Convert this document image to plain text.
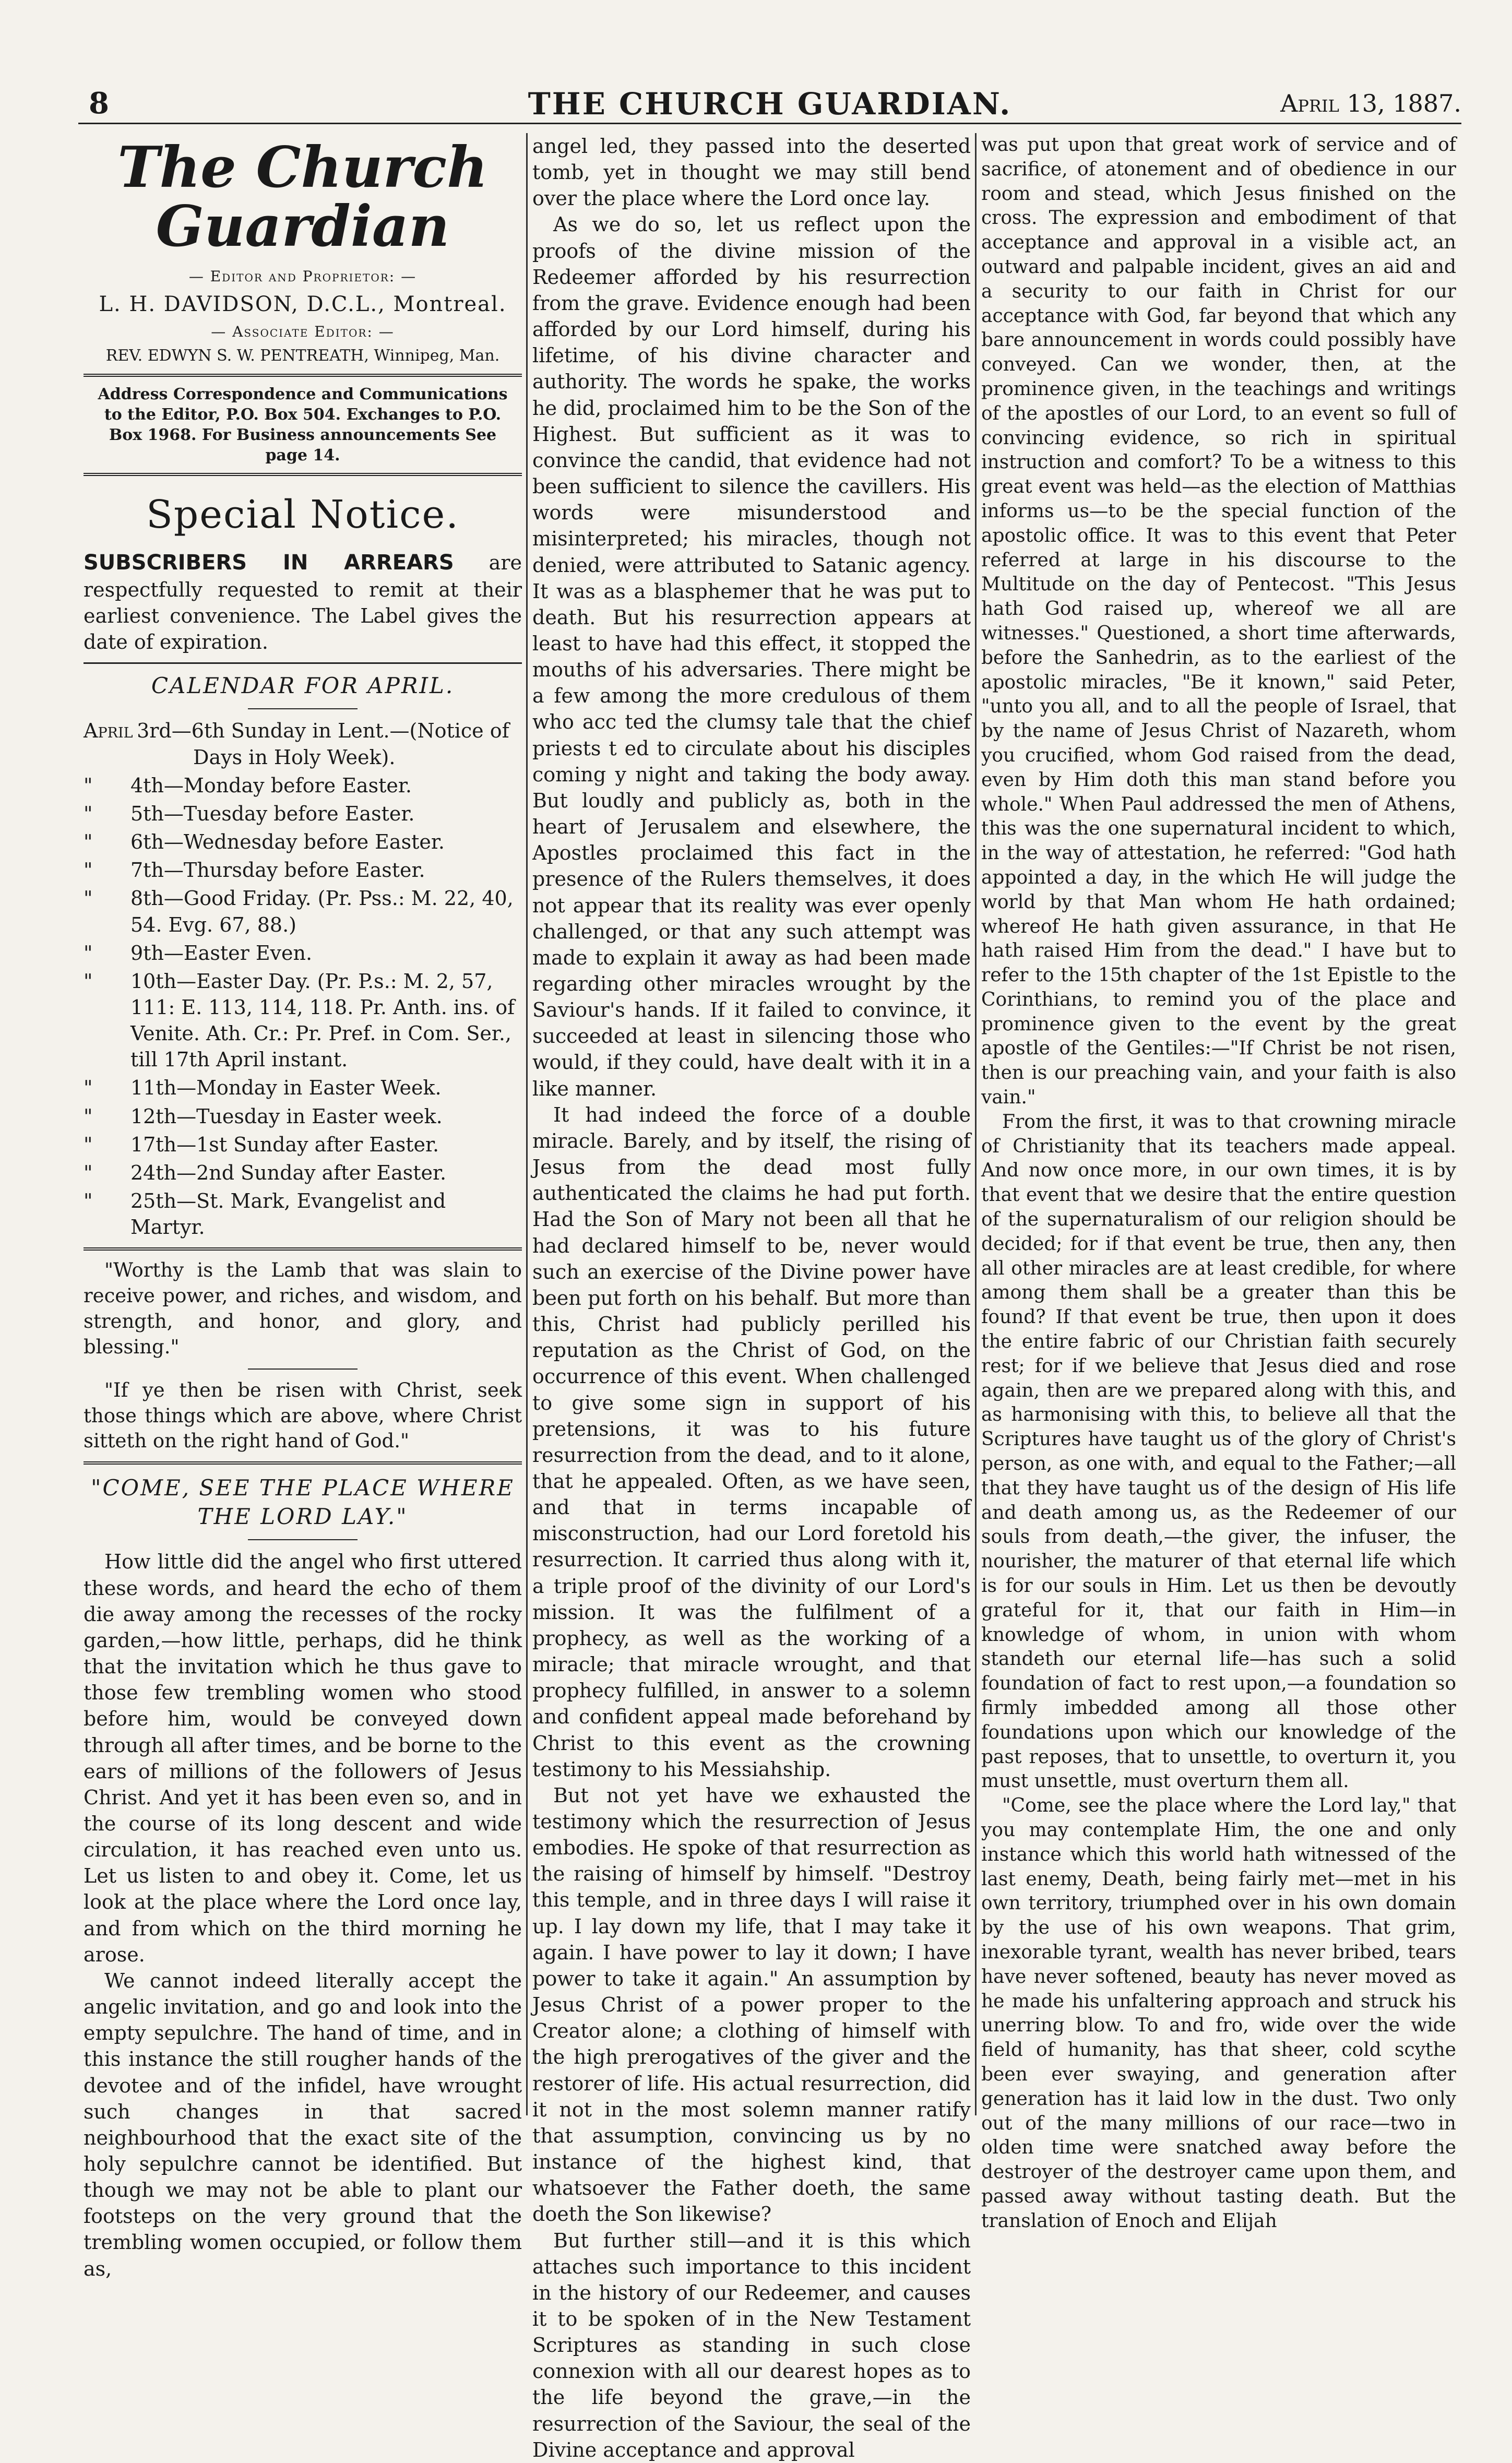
8	THE CHURCH GUARDIAN.	April 13, 1887.
The Church Guardian
— Editor and Proprietor: —
L. H. DAVIDSON, D.C.L., Montreal.
— Associate Editor: —
REV. EDWYN S. W. PENTREATH, Winnipeg, Man.
Address Correspondence and Communications to the Editor, P.O. Box 504. Exchanges to P.O. Box 1968. For Business announcements See page 14.
Special Notice.
SUBSCRIBERS IN ARREARS are respectfully requested to remit at their earliest convenience. The Label gives the date of expiration.
CALENDAR FOR APRIL.
April 3rd—6th Sunday in Lent.—(Notice of Days in Holy Week).
" 4th—Monday before Easter.
" 5th—Tuesday before Easter.
" 6th—Wednesday before Easter.
" 7th—Thursday before Easter.
" 8th—Good Friday. (Pr. Pss.: M. 22, 40, 54. Evg. 67, 88.)
" 9th—Easter Even.
" 10th—Easter Day. (Pr. P.s.: M. 2, 57, 111: E. 113, 114, 118. Pr. Anth. ins. of Venite. Ath. Cr.: Pr. Pref. in Com. Ser., till 17th April instant.
" 11th—Monday in Easter Week.
" 12th—Tuesday in Easter week.
" 17th—1st Sunday after Easter.
" 24th—2nd Sunday after Easter.
" 25th—St. Mark, Evangelist and Martyr.
"Worthy is the Lamb that was slain to receive power, and riches, and wisdom, and strength, and honor, and glory, and blessing."
"If ye then be risen with Christ, seek those things which are above, where Christ sitteth on the right hand of God."
"COME, SEE THE PLACE WHERE THE LORD LAY."

How little did the angel who first uttered these words, and heard the echo of them die away among the recesses of the rocky garden,—how little, perhaps, did he think that the invitation which he thus gave to those few trembling women who stood before him, would be conveyed down through all after times, and be borne to the ears of millions of the followers of Jesus Christ. And yet it has been even so, and in the course of its long descent and wide circulation, it has reached even unto us. Let us listen to and obey it. Come, let us look at the place where the Lord once lay, and from which on the third morning he arose.

We cannot indeed literally accept the angelic invitation, and go and look into the empty sepulchre. The hand of time, and in this instance the still rougher hands of the devotee and of the infidel, have wrought such changes in that sacred neighbourhood that the exact site of the holy sepulchre cannot be identified. But though we may not be able to plant our footsteps on the very ground that the trembling women occupied, or follow them as,

angel led, they passed into the deserted tomb, yet in thought we may still bend over the place where the Lord once lay.

As we do so, let us reflect upon the proofs of the divine mission of the Redeemer afforded by his resurrection from the grave. Evidence enough had been afforded by our Lord himself, during his lifetime, of his divine character and authority. The words he spake, the works he did, proclaimed him to be the Son of the Highest. But sufficient as it was to convince the candid, that evidence had not been sufficient to silence the cavillers. His words were misunderstood and misinterpreted; his miracles, though not denied, were attributed to Satanic agency. It was as a blasphemer that he was put to death. But his resurrection appears at least to have had this effect, it stopped the mouths of his adversaries. There might be a few among the more credulous of them who acc ted the clumsy tale that the chief priests t ed to circulate about his disciples coming y night and taking the body away. But loudly and publicly as, both in the heart of Jerusalem and elsewhere, the Apostles proclaimed this fact in the presence of the Rulers themselves, it does not appear that its reality was ever openly challenged, or that any such attempt was made to explain it away as had been made regarding other miracles wrought by the Saviour's hands. If it failed to convince, it succeeded at least in silencing those who would, if they could, have dealt with it in a like manner.

It had indeed the force of a double miracle. Barely, and by itself, the rising of Jesus from the dead most fully authenticated the claims he had put forth. Had the Son of Mary not been all that he had declared himself to be, never would such an exercise of the Divine power have been put forth on his behalf. But more than this, Christ had publicly perilled his reputation as the Christ of God, on the occurrence of this event. When challenged to give some sign in support of his pretensions, it was to his future resurrection from the dead, and to it alone, that he appealed. Often, as we have seen, and that in terms incapable of misconstruction, had our Lord foretold his resurrection. It carried thus along with it, a triple proof of the divinity of our Lord's mission. It was the fulfilment of a prophecy, as well as the working of a miracle; that miracle wrought, and that prophecy fulfilled, in answer to a solemn and confident appeal made beforehand by Christ to this event as the crowning testimony to his Messiahship.

But not yet have we exhausted the testimony which the resurrection of Jesus embodies. He spoke of that resurrection as the raising of himself by himself. "Destroy this temple, and in three days I will raise it up. I lay down my life, that I may take it again. I have power to lay it down; I have power to take it again." An assumption by Jesus Christ of a power proper to the Creator alone; a clothing of himself with the high prerogatives of the giver and the restorer of life. His actual resurrection, did it not in the most solemn manner ratify that assumption, convincing us by no instance of the highest kind, that whatsoever the Father doeth, the same doeth the Son likewise?

But further still—and it is this which attaches such importance to this incident in the history of our Redeemer, and causes it to be spoken of in the New Testament Scriptures as standing in such close connexion with all our dearest hopes as to the life beyond the grave,—in the resurrection of the Saviour, the seal of the Divine acceptance and approval

was put upon that great work of service and of sacrifice, of atonement and of obedience in our room and stead, which Jesus finished on the cross. The expression and embodiment of that acceptance and approval in a visible act, an outward and palpable incident, gives an aid and a security to our faith in Christ for our acceptance with God, far beyond that which any bare announcement in words could possibly have conveyed. Can we wonder, then, at the prominence given, in the teachings and writings of the apostles of our Lord, to an event so full of convincing evidence, so rich in spiritual instruction and comfort? To be a witness to this great event was held—as the election of Matthias informs us—to be the special function of the apostolic office. It was to this event that Peter referred at large in his discourse to the Multitude on the day of Pentecost. "This Jesus hath God raised up, whereof we all are witnesses." Questioned, a short time afterwards, before the Sanhedrin, as to the earliest of the apostolic miracles, "Be it known," said Peter, "unto you all, and to all the people of Israel, that by the name of Jesus Christ of Nazareth, whom you crucified, whom God raised from the dead, even by Him doth this man stand before you whole." When Paul addressed the men of Athens, this was the one supernatural incident to which, in the way of attestation, he referred: "God hath appointed a day, in the which He will judge the world by that Man whom He hath ordained; whereof He hath given assurance, in that He hath raised Him from the dead." I have but to refer to the 15th chapter of the 1st Epistle to the Corinthians, to remind you of the place and prominence given to the event by the great apostle of the Gentiles:—"If Christ be not risen, then is our preaching vain, and your faith is also vain."

From the first, it was to that crowning miracle of Christianity that its teachers made appeal. And now once more, in our own times, it is by that event that we desire that the entire question of the supernaturalism of our religion should be decided; for if that event be true, then any, then all other miracles are at least credible, for where among them shall be a greater than this be found? If that event be true, then upon it does the entire fabric of our Christian faith securely rest; for if we believe that Jesus died and rose again, then are we prepared along with this, and as harmonising with this, to believe all that the Scriptures have taught us of the glory of Christ's person, as one with, and equal to the Father;—all that they have taught us of the design of His life and death among us, as the Redeemer of our souls from death,—the giver, the infuser, the nourisher, the maturer of that eternal life which is for our souls in Him. Let us then be devoutly grateful for it, that our faith in Him—in knowledge of whom, in union with whom standeth our eternal life—has such a solid foundation of fact to rest upon,—a foundation so firmly imbedded among all those other foundations upon which our knowledge of the past reposes, that to unsettle, to overturn it, you must unsettle, must overturn them all.

"Come, see the place where the Lord lay," that you may contemplate Him, the one and only instance which this world hath witnessed of the last enemy, Death, being fairly met—met in his own territory, triumphed over in his own domain by the use of his own weapons. That grim, inexorable tyrant, wealth has never bribed, tears have never softened, beauty has never moved as he made his unfaltering approach and struck his unerring blow. To and fro, wide over the wide field of humanity, has that sheer, cold scythe been ever swaying, and generation after generation has it laid low in the dust. Two only out of the many millions of our race—two in olden time were snatched away before the destroyer of the destroyer came upon them, and passed away without tasting death. But the translation of Enoch and Elijah
